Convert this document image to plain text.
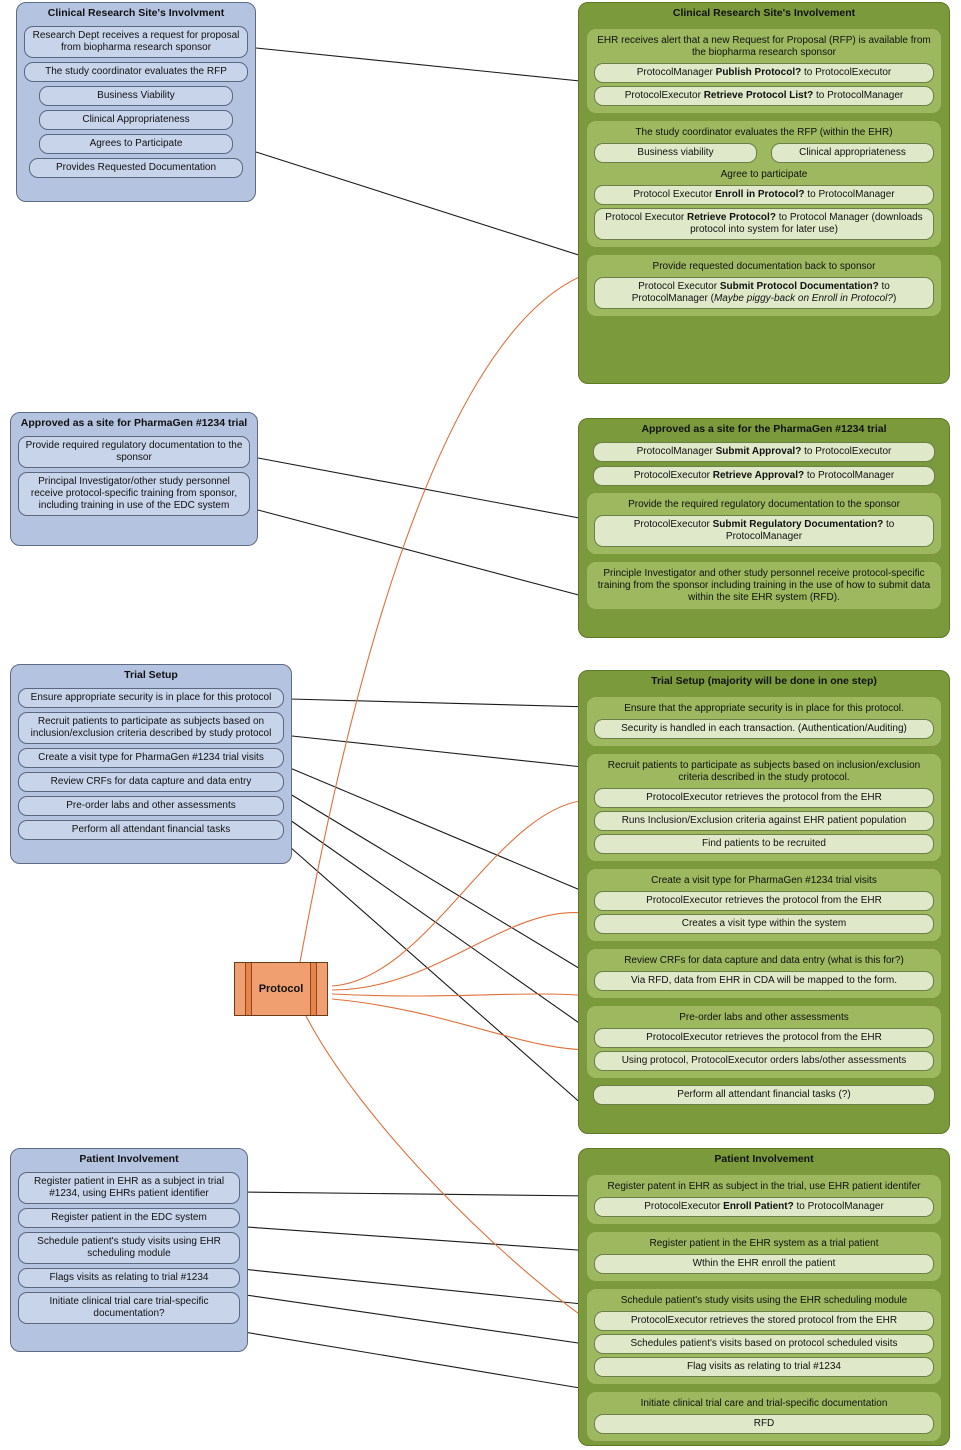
Clinical Research Site's Involvment
Research Dept receives a request for proposal from biopharma research sponsor
The study coordinator evaluates the RFP
Business Viability
Clinical Appropriateness
Agrees to Participate
Provides Requested Documentation
Approved as a site for PharmaGen #1234 trial
Provide required regulatory documentation to the sponsor
Principal Investigator/other study personnel receive protocol-specific training from sponsor, including training in use of the EDC system
Trial Setup
Ensure appropriate security is in place for this protocol
Recruit patients to participate as subjects based on inclusion/exclusion criteria described by study protocol
Create a visit type for PharmaGen #1234 trial visits
Review CRFs for data capture and data entry
Pre-order labs and other assessments
Perform all attendant financial tasks
Patient Involvement
Register patient in EHR as a subject in trial #1234, using EHRs patient identifier
Register patient in the EDC system
Schedule patient's study visits using EHR scheduling module
Flags visits as relating to trial #1234
Initiate clinical trial care trial-specific documentation?
Protocol
Clinical Research Site's Involvement
EHR receives alert that a new Request for Proposal (RFP) is available from the biopharma research sponsor
ProtocolManager Publish Protocol? to ProtocolExecutor
ProtocolExecutor Retrieve Protocol List? to ProtocolManager
The study coordinator evaluates the RFP (within the EHR)
Business viability	Clinical appropriateness
Agree to participate
Protocol Executor Enroll in Protocol? to ProtocolManager
Protocol Executor Retrieve Protocol? to Protocol Manager (downloads protocol into system for later use)
Provide requested documentation back to sponsor
Protocol Executor Submit Protocol Documentation? to ProtocolManager (Maybe piggy-back on Enroll in Protocol?)
Approved as a site for the PharmaGen #1234 trial
ProtocolManager Submit Approval? to ProtocolExecutor
ProtocolExecutor Retrieve Approval? to ProtocolManager
Provide the required regulatory documentation to the sponsor
ProtocolExecutor Submit Regulatory Documentation? to ProtocolManager
Principle Investigator and other study personnel receive protocol-specific training from the sponsor including training in the use of how to submit data within the site EHR system (RFD).
Trial Setup (majority will be done in one step)
Ensure that the appropriate security is in place for this protocol.
Security is handled in each transaction. (Authentication/Auditing)
Recruit patients to participate as subjects based on inclusion/exclusion criteria described in the study protocol.
ProtocolExecutor retrieves the protocol from the EHR
Runs Inclusion/Exclusion criteria against EHR patient population
Find patients to be recruited
Create a visit type for PharmaGen #1234 trial visits
ProtocolExecutor retrieves the protocol from the EHR
Creates a visit type within the system
Review CRFs for data capture and data entry (what is this for?)
Via RFD, data from EHR in CDA will be mapped to the form.
Pre-order labs and other assessments
ProtocolExecutor retrieves the protocol from the EHR
Using protocol, ProtocolExecutor orders labs/other assessments
Perform all attendant financial tasks (?)
Patient Involvement
Register patent in EHR as subject in the trial, use EHR patient identifer
ProtocolExecutor Enroll Patient? to ProtocolManager
Register patient in the EHR system as a trial patient
Wthin the EHR enroll the patient
Schedule patient's study visits using the EHR scheduling module
ProtocolExecutor retrieves the stored protocol from the EHR
Schedules patient's visits based on protocol scheduled visits
Flag visits as relating to trial #1234
Initiate clinical trial care and trial-specific documentation
RFD
